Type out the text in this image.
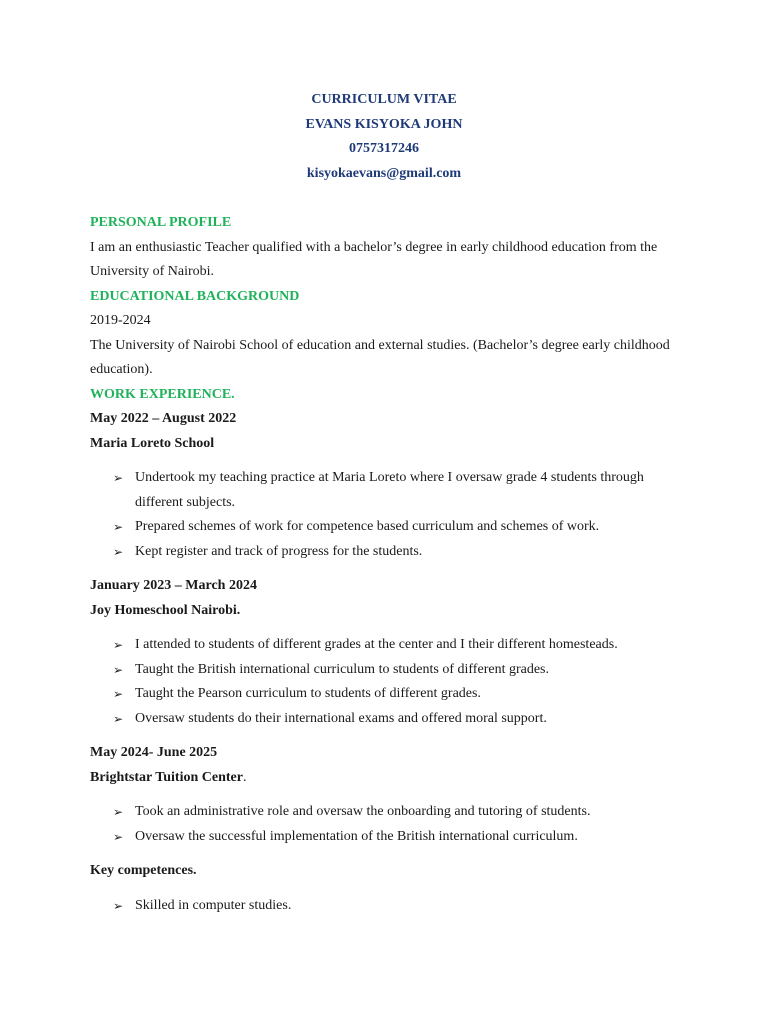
CURRICULUM VITAE
EVANS KISYOKA JOHN
0757317246
kisyokaevans@gmail.com
PERSONAL PROFILE
I am an enthusiastic Teacher qualified with a bachelor’s degree in early childhood education from the University of Nairobi.
EDUCATIONAL BACKGROUND
2019-2024
The University of Nairobi School of education and external studies. (Bachelor’s degree early childhood education).
WORK EXPERIENCE.
May 2022 – August 2022
Maria Loreto School
➢ Undertook my teaching practice at Maria Loreto where I oversaw grade 4 students through different subjects.
➢ Prepared schemes of work for competence based curriculum and schemes of work.
➢ Kept register and track of progress for the students.
January 2023 – March 2024
Joy Homeschool Nairobi.
➢ I attended to students of different grades at the center and I their different homesteads.
➢ Taught the British international curriculum to students of different grades.
➢ Taught the Pearson curriculum to students of different grades.
➢ Oversaw students do their international exams and offered moral support.
May 2024- June 2025
Brightstar Tuition Center.
➢ Took an administrative role and oversaw the onboarding and tutoring of students.
➢ Oversaw the successful implementation of the British international curriculum.
Key competences.
➢ Skilled in computer studies.
